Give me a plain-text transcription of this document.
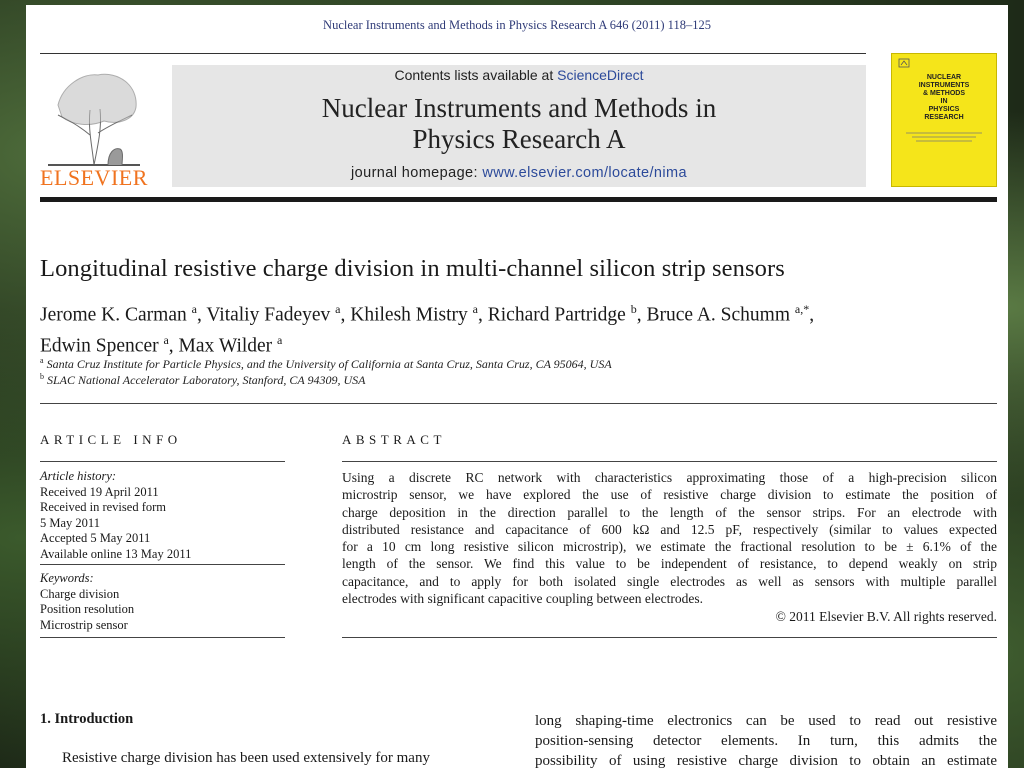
Nuclear Instruments and Methods in Physics Research A 646 (2011) 118–125
ELSEVIER
Contents lists available at ScienceDirect
Nuclear Instruments and Methods in
Physics Research A
journal homepage: www.elsevier.com/locate/nima
NUCLEAR
INSTRUMENTS
& METHODS
IN
PHYSICS
RESEARCH
Longitudinal resistive charge division in multi-channel silicon strip sensors
Jerome K. Carman $^a$, Vitaliy Fadeyev $^a$, Khilesh Mistry $^a$, Richard Partridge $^b$, Bruce A. Schumm $^{a,*}$,
Edwin Spencer $^a$, Max Wilder $^a$
$^a$ Santa Cruz Institute for Particle Physics, and the University of California at Santa Cruz, Santa Cruz, CA 95064, USA
$^b$ SLAC National Accelerator Laboratory, Stanford, CA 94309, USA
ARTICLE INFO
Article history:
Received 19 April 2011
Received in revised form
5 May 2011
Accepted 5 May 2011
Available online 13 May 2011
Keywords:
Charge division
Position resolution
Microstrip sensor
ABSTRACT
Using a discrete RC network with characteristics approximating those of a high-precision silicon
microstrip sensor, we have explored the use of resistive charge division to estimate the position of
charge deposition in the direction parallel to the length of the sensor strips. For an electrode with
distributed resistance and capacitance of 600 kΩ and 12.5 pF, respectively (similar to values expected
for a 10 cm long resistive silicon microstrip), we estimate the fractional resolution to be ± 6.1% of the
length of the sensor. We find this value to be independent of resistance, to depend weakly on strip
capacitance, and to apply for both isolated single electrodes as well as sensors with multiple parallel
electrodes with significant capacitive coupling between electrodes.
© 2011 Elsevier B.V. All rights reserved.
1. Introduction
Resistive charge division has been used extensively for many
long shaping-time electronics can be used to read out resistive
position-sensing detector elements. In turn, this admits the
possibility of using resistive charge division to obtain an estimate
